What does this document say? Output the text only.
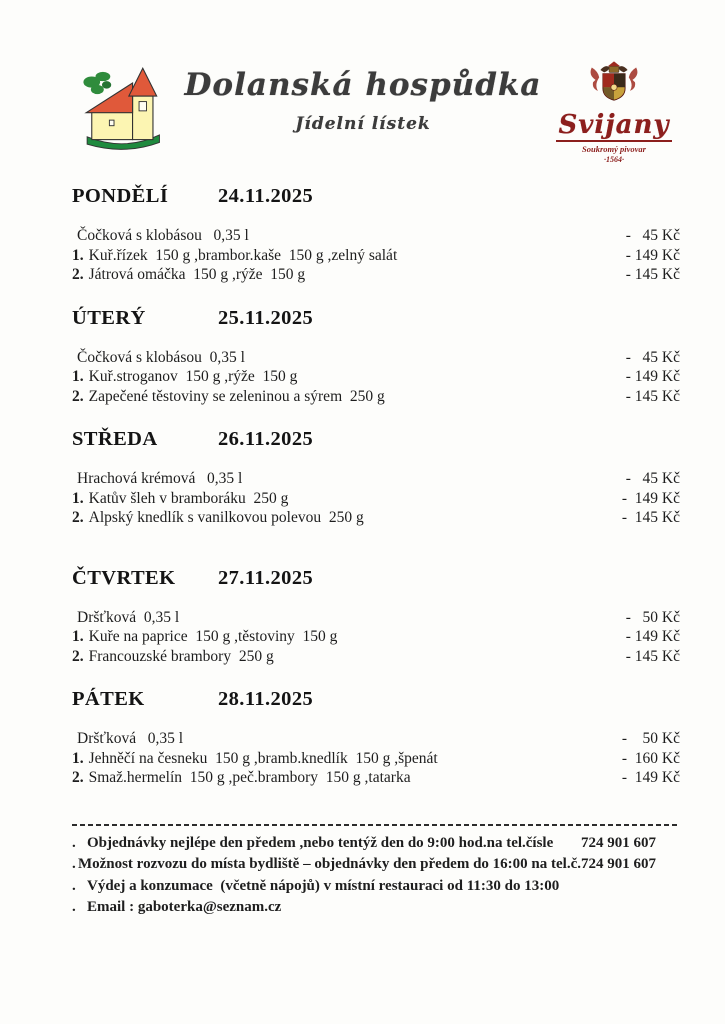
Dolanská hospůdka
Jídelní lístek	Svijany
Soukromý pivovar
·1564·
PONDĚLÍ 24.11.2025
Čočková s klobásou   0,35 l	-   45 Kč
1. Kuř.řízek  150 g ,brambor.kaše  150 g ,zelný salát	- 149 Kč
2. Játrová omáčka  150 g ,rýže  150 g	- 145 Kč
ÚTERÝ	25.11.2025
Čočková s klobásou  0,35 l	-   45 Kč
1. Kuř.stroganov  150 g ,rýže  150 g	- 149 Kč
2. Zapečené těstoviny se zeleninou a sýrem  250 g	- 145 Kč
STŘEDA	26.11.2025
Hrachová krémová   0,35 l	-   45 Kč
1. Katův šleh v bramboráku  250 g	-  149 Kč
2. Alpský knedlík s vanilkovou polevou  250 g	-  145 Kč
ČTVRTEK 27.11.2025
Dršťková  0,35 l	-   50 Kč
1. Kuře na paprice  150 g ,těstoviny  150 g	- 149 Kč
2. Francouzské brambory  250 g	- 145 Kč
PÁTEK	28.11.2025
Dršťková   0,35 l	-    50 Kč
1. Jehněčí na česneku  150 g ,bramb.knedlík  150 g ,špenát	-  160 Kč
2. Smaž.hermelín  150 g ,peč.brambory  150 g ,tatarka	-  149 Kč
. Objednávky nejlépe den předem ,nebo tentýž den do 9:00 hod.na tel.čísle 724 901 607
. Možnost rozvozu do místa bydliště – objednávky den předem do 16:00 na tel.č.724 901 607
. Výdej a konzumace  (včetně nápojů) v místní restauraci od 11:30 do 13:00
. Email : gaboterka@seznam.cz
